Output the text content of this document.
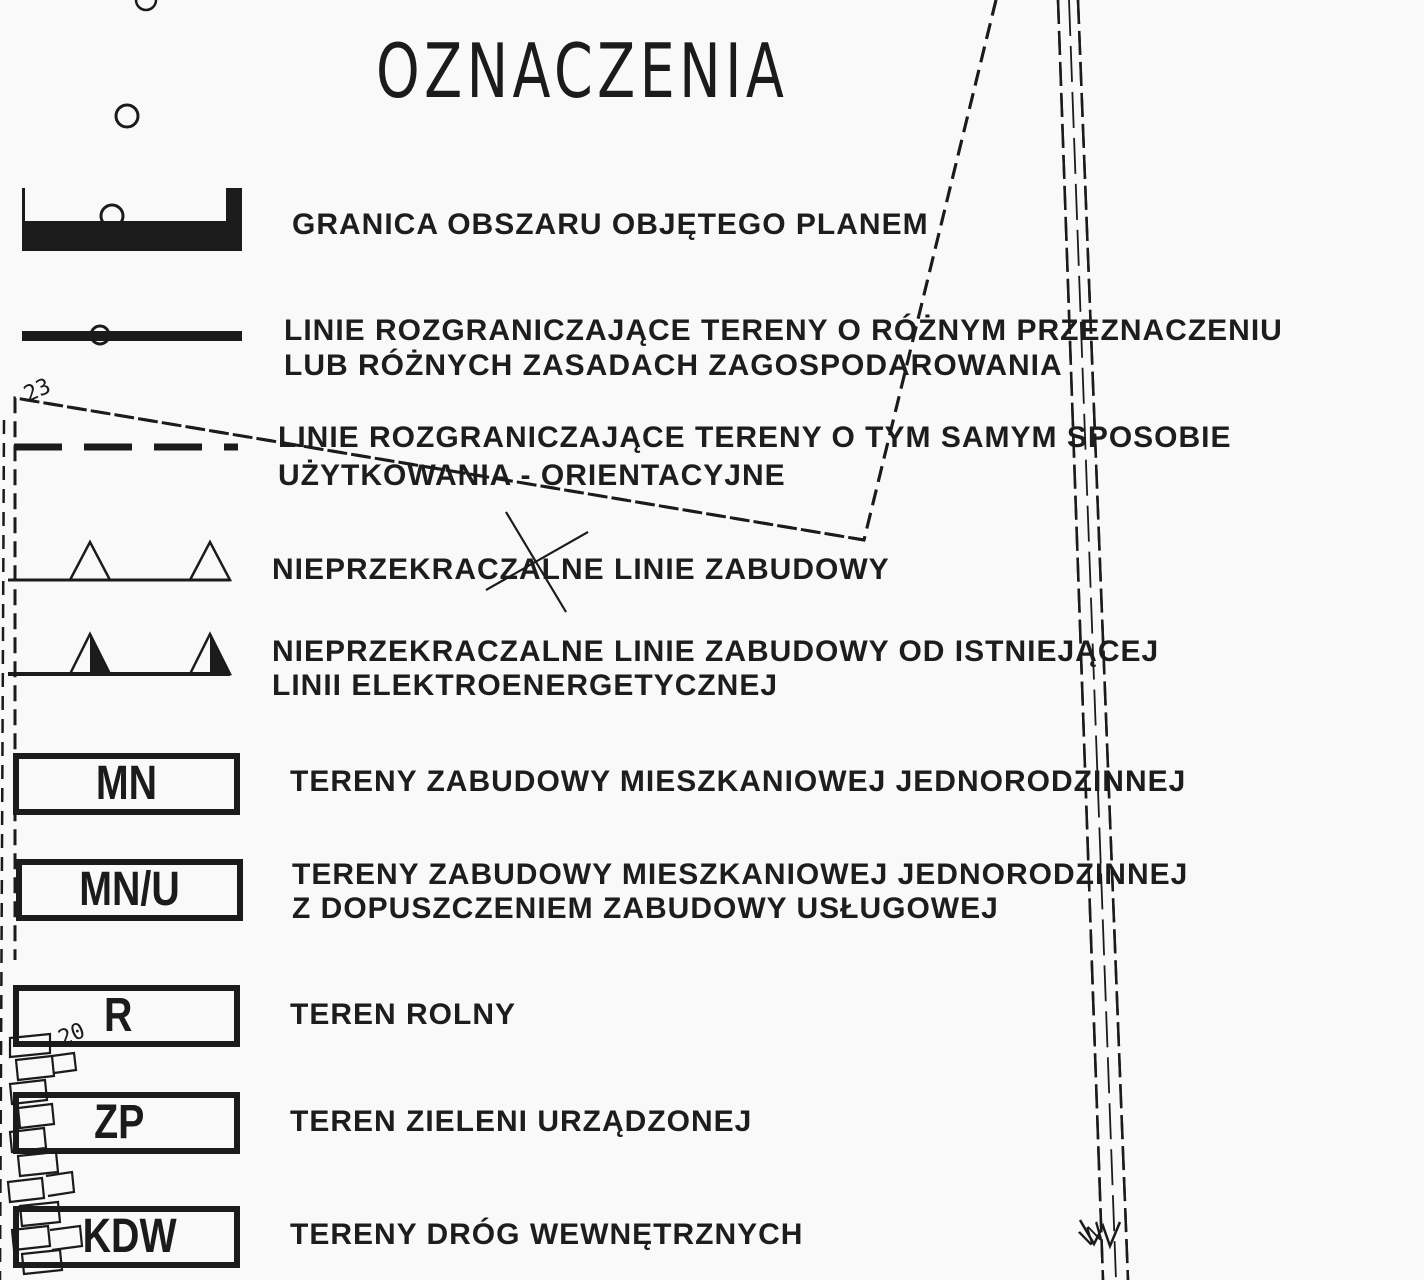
23
20
OZNACZENIA
MN
MN/U
R
ZP
KDW
GRANICA OBSZARU OBJĘTEGO PLANEM
LINIE ROZGRANICZAJĄCE TERENY O RÓŻNYM PRZEZNACZENIU
LUB RÓŻNYCH ZASADACH ZAGOSPODAROWANIA
LINIE ROZGRANICZAJĄCE TERENY O TYM SAMYM SPOSOBIE
UŻYTKOWANIA - ORIENTACYJNE
NIEPRZEKRACZALNE LINIE ZABUDOWY
NIEPRZEKRACZALNE LINIE ZABUDOWY OD ISTNIEJĄCEJ
LINII ELEKTROENERGETYCZNEJ
TERENY ZABUDOWY MIESZKANIOWEJ JEDNORODZINNEJ
TERENY ZABUDOWY MIESZKANIOWEJ JEDNORODZINNEJ
Z DOPUSZCZENIEM ZABUDOWY USŁUGOWEJ
TEREN ROLNY
TEREN ZIELENI URZĄDZONEJ
TERENY DRÓG WEWNĘTRZNYCH	W
